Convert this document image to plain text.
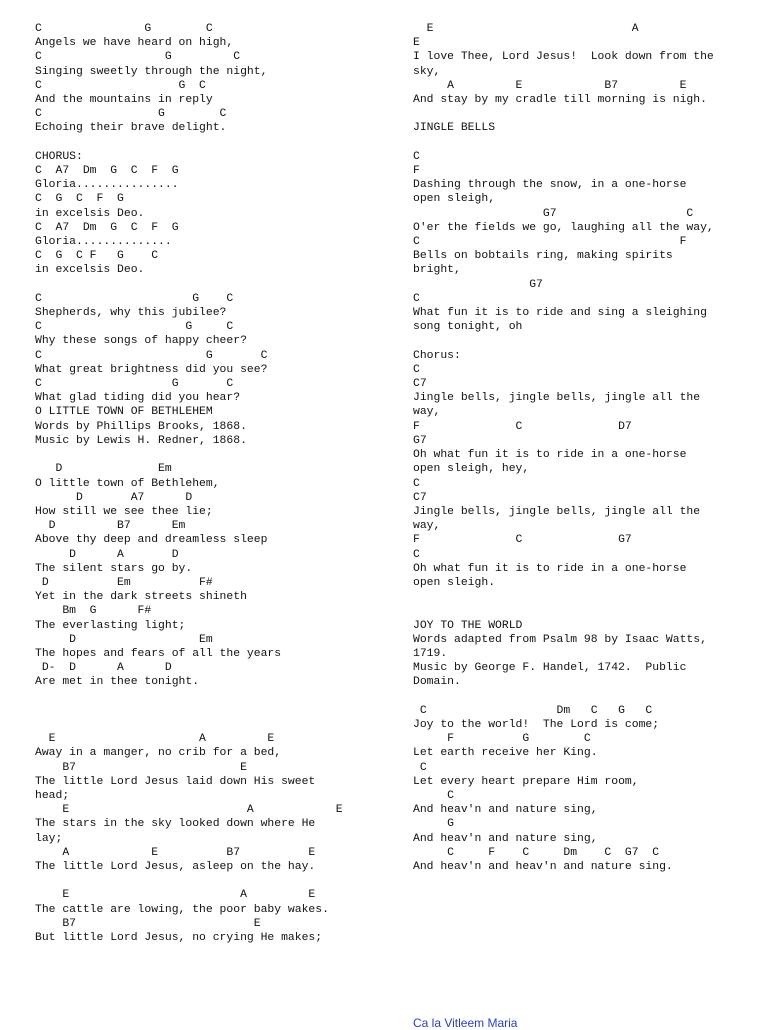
C               G        C
Angels we have heard on high,
C                  G         C
Singing sweetly through the night,
C                    G  C
And the mountains in reply
C                 G        C
Echoing their brave delight.

CHORUS:
C  A7  Dm  G  C  F  G
Gloria...............
C  G  C  F  G
in excelsis Deo.
C  A7  Dm  G  C  F  G
Gloria..............
C  G  C F   G    C
in excelsis Deo.

C                      G    C
Shepherds, why this jubilee?
C                     G     C
Why these songs of happy cheer?
C                        G       C
What great brightness did you see?
C                   G       C
What glad tiding did you hear?
O LITTLE TOWN OF BETHLEHEM
Words by Phillips Brooks, 1868.
Music by Lewis H. Redner, 1868.

D              Em
O little town of Bethlehem,
D       A7      D
How still we see thee lie;
D         B7      Em
Above thy deep and dreamless sleep
D      A       D
The silent stars go by.
D          Em          F#
Yet in the dark streets shineth
Bm  G      F#
The everlasting light;
D                  Em
The hopes and fears of all the years
D-  D      A      D
Are met in thee tonight.

E                     A         E
Away in a manger, no crib for a bed,
B7                        E
The little Lord Jesus laid down His sweet
head;
E                          A            E
The stars in the sky looked down where He
lay;
A            E          B7          E
The little Lord Jesus, asleep on the hay.

E                         A         E
The cattle are lowing, the poor baby wakes.
B7                          E
But little Lord Jesus, no crying He makes;
E                             A
E
I love Thee, Lord Jesus!  Look down from the
sky,
A         E            B7         E
And stay by my cradle till morning is nigh.

JINGLE BELLS

C
F
Dashing through the snow, in a one-horse
open sleigh,
G7                   C
O'er the fields we go, laughing all the way,
C                                      F
Bells on bobtails ring, making spirits
bright,
G7
C
What fun it is to ride and sing a sleighing
song tonight, oh

Chorus:
C
C7
Jingle bells, jingle bells, jingle all the
way,
F              C              D7
G7
Oh what fun it is to ride in a one-horse
open sleigh, hey,
C
C7
Jingle bells, jingle bells, jingle all the
way,
F              C              G7
C
Oh what fun it is to ride in a one-horse
open sleigh.

JOY TO THE WORLD
Words adapted from Psalm 98 by Isaac Watts,
1719.
Music by George F. Handel, 1742.  Public
Domain.

C                   Dm   C   G   C
Joy to the world!  The Lord is come;
F          G        C
Let earth receive her King.
C
Let every heart prepare Him room,
C
And heav'n and nature sing,
G
And heav'n and nature sing,
C     F    C     Dm    C  G7  C
And heav'n and heav'n and nature sing.
Ca la Vitleem Maria
